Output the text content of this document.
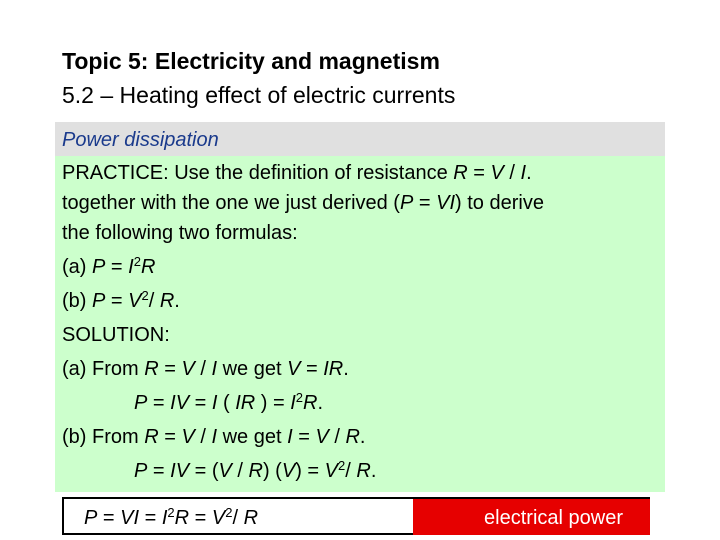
Topic 5: Electricity and magnetism
5.2 – Heating effect of electric currents
Power dissipation
PRACTICE: Use the definition of resistance R = V / I.
together with the one we just derived (P = VI) to derive
the following two formulas:
(a) $P = I^2R$
(b) $P = V^2/$ R.
SOLUTION:
(a) From R = V / I we get V = IR.
P = IV = I ( IR ) = $I^2R$.
(b) From R = V / I we get I = V / R.
P = IV = (V / R) $(V) = V^2/$ R.
P = VI = $I^2R = V^2/$ R	electrical power
